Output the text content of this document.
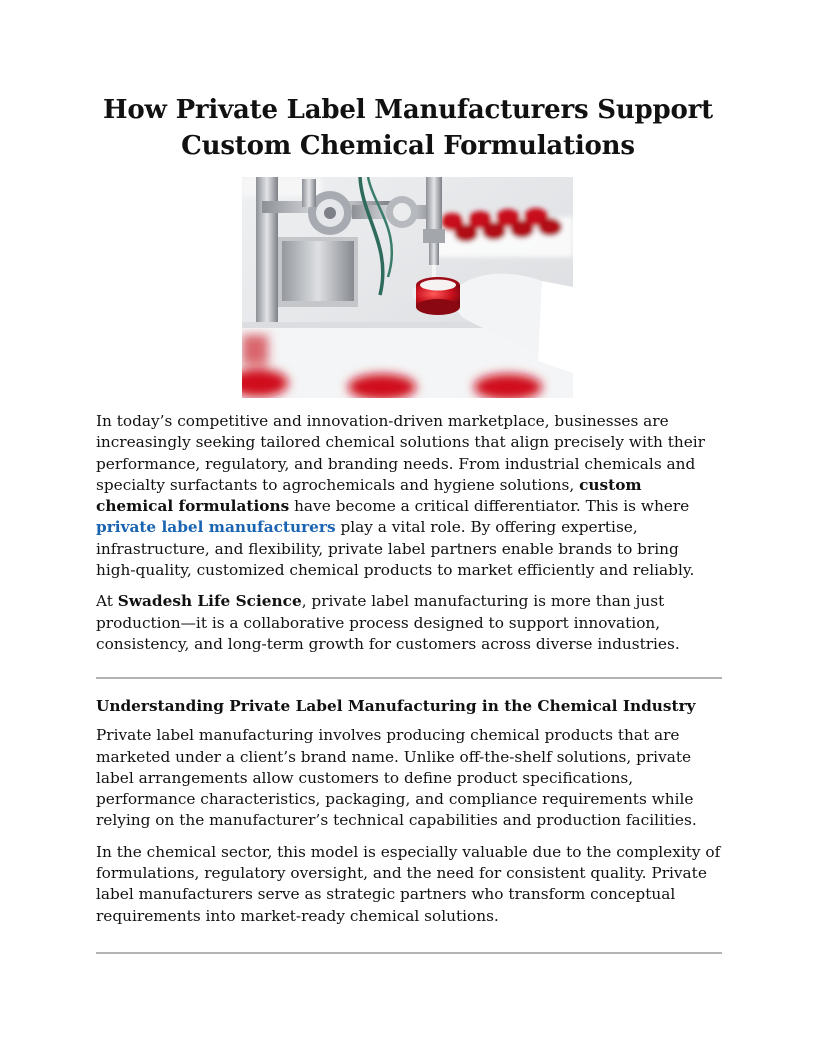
How Private Label Manufacturers Support
Custom Chemical Formulations

In today’s competitive and innovation-driven marketplace, businesses are increasingly seeking tailored chemical solutions that align precisely with their performance, regulatory, and branding needs. From industrial chemicals and specialty surfactants to agrochemicals and hygiene solutions, custom chemical formulations have become a critical differentiator. This is where private label manufacturers play a vital role. By offering expertise, infrastructure, and flexibility, private label partners enable brands to bring high-quality, customized chemical products to market efficiently and reliably.

At Swadesh Life Science, private label manufacturing is more than just production—it is a collaborative process designed to support innovation, consistency, and long-term growth for customers across diverse industries.

Understanding Private Label Manufacturing in the Chemical Industry

Private label manufacturing involves producing chemical products that are marketed under a client’s brand name. Unlike off-the-shelf solutions, private label arrangements allow customers to define product specifications, performance characteristics, packaging, and compliance requirements while relying on the manufacturer’s technical capabilities and production facilities.

In the chemical sector, this model is especially valuable due to the complexity of formulations, regulatory oversight, and the need for consistent quality. Private label manufacturers serve as strategic partners who transform conceptual requirements into market-ready chemical solutions.
